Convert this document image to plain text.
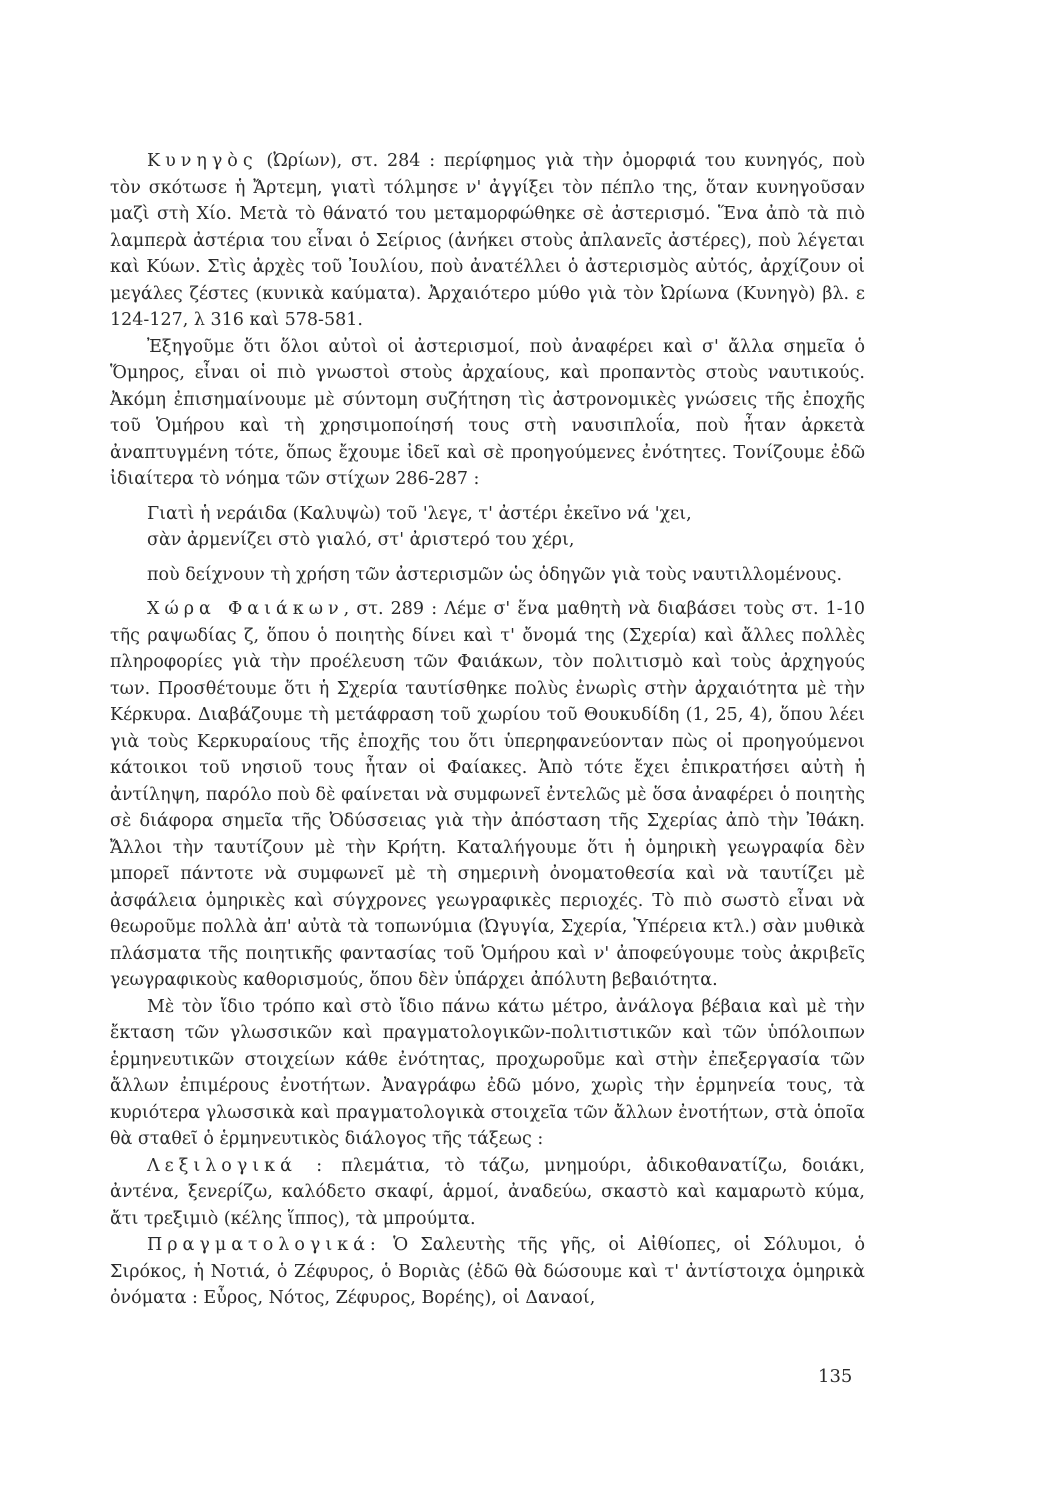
Κυνηγὸς (Ὠρίων), στ. 284 : περίφημος γιὰ τὴν ὀμορφιά του κυνηγός, ποὺ τὸν σκότωσε ἡ Ἄρτεμη, γιατὶ τόλμησε ν' ἀγγίξει τὸν πέπλο της, ὅταν κυνηγοῦσαν μαζὶ στὴ Χίο. Μετὰ τὸ θάνατό του μεταμορφώθηκε σὲ ἀστερισμό. Ἕνα ἀπὸ τὰ πιὸ λαμπερὰ ἀστέρια του εἶναι ὁ Σείριος (ἀνήκει στοὺς ἀπλανεῖς ἀστέρες), ποὺ λέγεται καὶ Κύων. Στὶς ἀρχὲς τοῦ Ἰουλίου, ποὺ ἀνατέλλει ὁ ἀστερισμὸς αὐτός, ἀρχίζουν οἱ μεγάλες ζέστες (κυνικὰ καύματα). Ἀρχαιότερο μύθο γιὰ τὸν Ὠρίωνα (Κυνηγὸ) βλ. ε 124-127, λ 316 καὶ 578-581.

Ἐξηγοῦμε ὅτι ὅλοι αὐτοὶ οἱ ἀστερισμοί, ποὺ ἀναφέρει καὶ σ' ἄλλα σημεῖα ὁ Ὅμηρος, εἶναι οἱ πιὸ γνωστοὶ στοὺς ἀρχαίους, καὶ προπαντὸς στοὺς ναυτικούς. Ἀκόμη ἐπισημαίνουμε μὲ σύντομη συζήτηση τὶς ἀστρονομικὲς γνώσεις τῆς ἐποχῆς τοῦ Ὁμήρου καὶ τὴ χρησιμοποίησή τους στὴ ναυσιπλοΐα, ποὺ ἦταν ἀρκετὰ ἀναπτυγμένη τότε, ὅπως ἔχουμε ἰδεῖ καὶ σὲ προηγούμενες ἐνότητες. Τονίζουμε ἐδῶ ἰδιαίτερα τὸ νόημα τῶν στίχων 286-287 :

Γιατὶ ἡ νεράιδα (Καλυψὼ) τοῦ 'λεγε, τ' ἀστέρι ἐκεῖνο νά 'χει,
σὰν ἀρμενίζει στὸ γιαλό, στ' ἀριστερό του χέρι,

ποὺ δείχνουν τὴ χρήση τῶν ἀστερισμῶν ὡς ὁδηγῶν γιὰ τοὺς ναυτιλλομένους.

Χώρα Φαιάκων, στ. 289 : Λέμε σ' ἕνα μαθητὴ νὰ διαβάσει τοὺς στ. 1-10 τῆς ραψωδίας ζ, ὅπου ὁ ποιητὴς δίνει καὶ τ' ὄνομά της (Σχερία) καὶ ἄλλες πολλὲς πληροφορίες γιὰ τὴν προέλευση τῶν Φαιάκων, τὸν πολιτισμὸ καὶ τοὺς ἀρχηγούς των. Προσθέτουμε ὅτι ἡ Σχερία ταυτίσθηκε πολὺς ἐνωρὶς στὴν ἀρχαιότητα μὲ τὴν Κέρκυρα. Διαβάζουμε τὴ μετάφραση τοῦ χωρίου τοῦ Θουκυδίδη (1, 25, 4), ὅπου λέει γιὰ τοὺς Κερκυραίους τῆς ἐποχῆς του ὅτι ὑπερηφανεύονταν πὼς οἱ προηγούμενοι κάτοικοι τοῦ νησιοῦ τους ἦταν οἱ Φαίακες. Ἀπὸ τότε ἔχει ἐπικρατήσει αὐτὴ ἡ ἀντίληψη, παρόλο ποὺ δὲ φαίνεται νὰ συμφωνεῖ ἐντελῶς μὲ ὅσα ἀναφέρει ὁ ποιητὴς σὲ διάφορα σημεῖα τῆς Ὀδύσσειας γιὰ τὴν ἀπόσταση τῆς Σχερίας ἀπὸ τὴν Ἰθάκη. Ἄλλοι τὴν ταυτίζουν μὲ τὴν Κρήτη. Καταλήγουμε ὅτι ἡ ὁμηρικὴ γεωγραφία δὲν μπορεῖ πάντοτε νὰ συμφωνεῖ μὲ τὴ σημερινὴ ὀνοματοθεσία καὶ νὰ ταυτίζει μὲ ἀσφάλεια ὁμηρικὲς καὶ σύγχρονες γεωγραφικὲς περιοχές. Τὸ πιὸ σωστὸ εἶναι νὰ θεωροῦμε πολλὰ ἀπ' αὐτὰ τὰ τοπωνύμια (Ὠγυγία, Σχερία, Ὑπέρεια κτλ.) σὰν μυθικὰ πλάσματα τῆς ποιητικῆς φαντασίας τοῦ Ὁμήρου καὶ ν' ἀποφεύγουμε τοὺς ἀκριβεῖς γεωγραφικοὺς καθορισμούς, ὅπου δὲν ὑπάρχει ἀπόλυτη βεβαιότητα.

Μὲ τὸν ἴδιο τρόπο καὶ στὸ ἴδιο πάνω κάτω μέτρο, ἀνάλογα βέβαια καὶ μὲ τὴν ἔκταση τῶν γλωσσικῶν καὶ πραγματολογικῶν-πολιτιστικῶν καὶ τῶν ὑπόλοιπων ἑρμηνευτικῶν στοιχείων κάθε ἐνότητας, προχωροῦμε καὶ στὴν ἐπεξεργασία τῶν ἄλλων ἐπιμέρους ἐνοτήτων. Ἀναγράφω ἐδῶ μόνο, χωρὶς τὴν ἑρμηνεία τους, τὰ κυριότερα γλωσσικὰ καὶ πραγματολογικὰ στοιχεῖα τῶν ἄλλων ἐνοτήτων, στὰ ὁποῖα θὰ σταθεῖ ὁ ἑρμηνευτικὸς διάλογος τῆς τάξεως :

Λεξιλογικά : πλεμάτια, τὸ τάζω, μνημούρι, ἀδικοθανατίζω, δοιάκι, ἀντένα, ξενερίζω, καλόδετο σκαφί, ἁρμοί, ἀναδεύω, σκαστὸ καὶ καμαρωτὸ κύμα, ἄτι τρεξιμιὸ (κέλης ἵππος), τὰ μπρούμτα.

Πραγματολογικά: Ὁ Σαλευτὴς τῆς γῆς, οἱ Αἰθίοπες, οἱ Σόλυμοι, ὁ Σιρόκος, ἡ Νοτιά, ὁ Ζέφυρος, ὁ Βοριὰς (ἐδῶ θὰ δώσουμε καὶ τ' ἀντίστοιχα ὁμηρικὰ ὀνόματα : Εὖρος, Νότος, Ζέφυρος, Βορέης), οἱ Δαναοί,

135
